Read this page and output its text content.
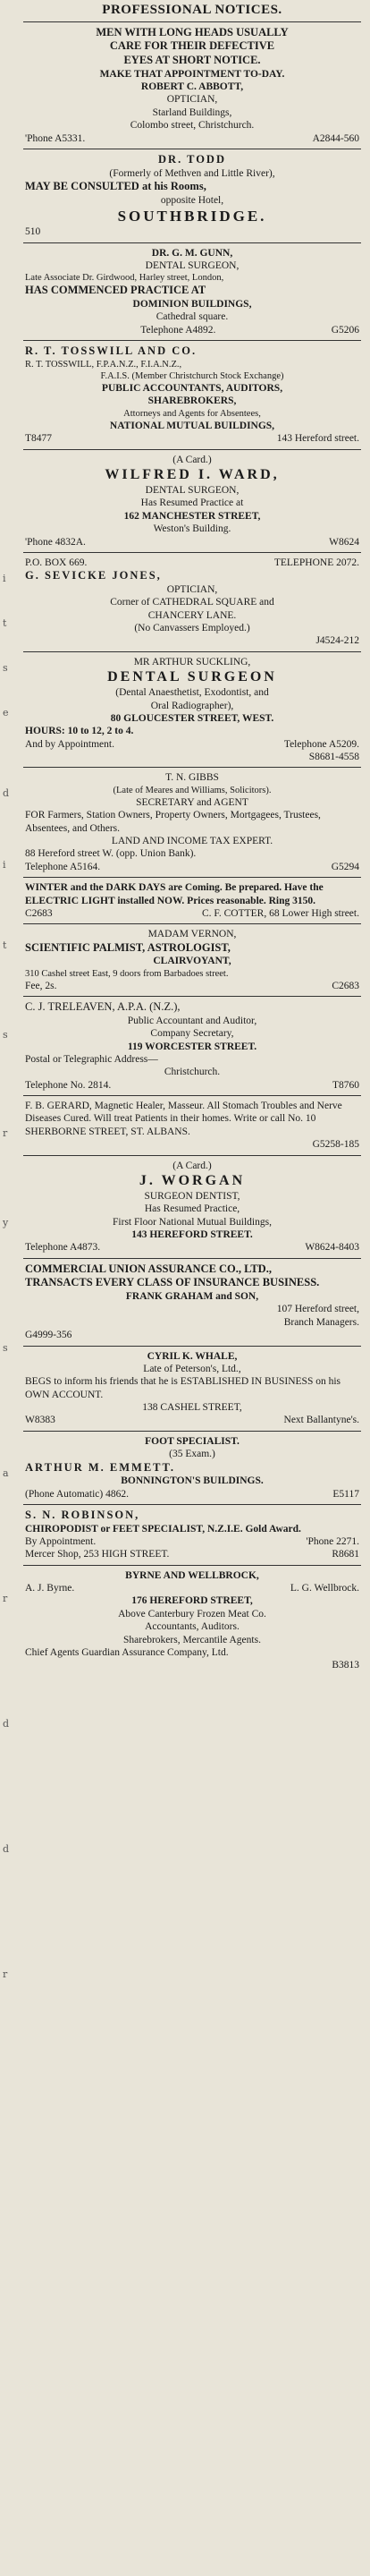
i
t
s
e
d
i
t
s
r
y
s
a
r
d
d
r
PROFESSIONAL NOTICES.
MEN WITH LONG HEADS USUALLY
CARE FOR THEIR DEFECTIVE
EYES AT SHORT NOTICE.
MAKE THAT APPOINTMENT TO-DAY.
ROBERT C. ABBOTT,
OPTICIAN,
Starland Buildings,
Colombo street, Christchurch.
'Phone A5331.	A2844-560
DR. TODD
(Formerly of Methven and Little River),
MAY BE CONSULTED at his Rooms,
opposite Hotel,
SOUTHBRIDGE.
510
DR. G. M. GUNN,
DENTAL SURGEON,
Late Associate Dr. Girdwood, Harley street, London,
HAS COMMENCED PRACTICE AT
DOMINION BUILDINGS,
Cathedral square.
Telephone A4892.	G5206
R. T. TOSSWILL AND CO.
R. T. TOSSWILL, F.P.A.N.Z., F.I.A.N.Z.,
F.A.I.S. (Member Christchurch Stock Exchange)
PUBLIC ACCOUNTANTS, AUDITORS,
SHAREBROKERS,
Attorneys and Agents for Absentees,
NATIONAL MUTUAL BUILDINGS,
T8477	143 Hereford street.
(A Card.)
WILFRED I. WARD,
DENTAL SURGEON,
Has Resumed Practice at
162 MANCHESTER STREET,
Weston's Building.
'Phone 4832A.	W8624
P.O. BOX 669.	TELEPHONE 2072.
G. SEVICKE JONES,
OPTICIAN,
Corner of CATHEDRAL SQUARE and
CHANCERY LANE.
(No Canvassers Employed.)
J4524-212
MR ARTHUR SUCKLING,
DENTAL SURGEON
(Dental Anaesthetist, Exodontist, and
Oral Radiographer),
80 GLOUCESTER STREET, WEST.
HOURS: 10 to 12, 2 to 4.
And by Appointment.	Telephone A5209.
S8681-4558
T. N. GIBBS
(Late of Meares and Williams, Solicitors).
SECRETARY and AGENT
FOR Farmers, Station Owners, Property Owners, Mortgagees, Trustees, Absentees, and Others.
LAND AND INCOME TAX EXPERT.
88 Hereford street W. (opp. Union Bank).
Telephone A5164.	G5294
WINTER and the DARK DAYS are Coming. Be prepared. Have the ELECTRIC LIGHT installed NOW. Prices reasonable. Ring 3150.
C2683	C. F. COTTER, 68 Lower High street.
MADAM VERNON,
SCIENTIFIC PALMIST, ASTROLOGIST,
CLAIRVOYANT,
310 Cashel street East, 9 doors from Barbadoes street.
Fee, 2s.	C2683
C. J. TRELEAVEN, A.P.A. (N.Z.),
Public Accountant and Auditor,
Company Secretary,
119 WORCESTER STREET.
Postal or Telegraphic Address—
Christchurch.
Telephone No. 2814.	T8760
F. B. GERARD, Magnetic Healer, Masseur. All Stomach Troubles and Nerve Diseases Cured. Will treat Patients in their homes. Write or call No. 10 SHERBORNE STREET, ST. ALBANS.
G5258-185
(A Card.)
J. WORGAN
SURGEON DENTIST,
Has Resumed Practice,
First Floor National Mutual Buildings,
143 HEREFORD STREET.
Telephone A4873.	W8624-8403
COMMERCIAL UNION ASSURANCE CO., LTD.,
TRANSACTS EVERY CLASS OF INSURANCE BUSINESS.
FRANK GRAHAM and SON,
107 Hereford street,
Branch Managers.
G4999-356
CYRIL K. WHALE,
Late of Peterson's, Ltd.,
BEGS to inform his friends that he is ESTABLISHED IN BUSINESS on his OWN ACCOUNT.
138 CASHEL STREET,
W8383	Next Ballantyne's.
FOOT SPECIALIST.
(35 Exam.)
ARTHUR M. EMMETT.
BONNINGTON'S BUILDINGS.
(Phone Automatic) 4862.	E5117
S. N. ROBINSON,
CHIROPODIST or FEET SPECIALIST, N.Z.I.E. Gold Award.
By Appointment.	'Phone 2271.
Mercer Shop, 253 HIGH STREET.	R8681
BYRNE AND WELLBROCK,
A. J. Byrne.	L. G. Wellbrock.
176 HEREFORD STREET,
Above Canterbury Frozen Meat Co.
Accountants, Auditors.
Sharebrokers, Mercantile Agents.
Chief Agents Guardian Assurance Company, Ltd.
B3813
